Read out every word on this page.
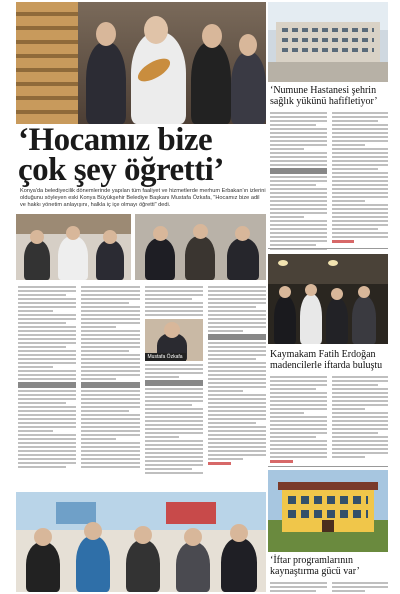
‘Hocamız bize
çok şey öğretti’
Konya'da belediyecilik dönemlerinde yapılan tüm faaliyet ve hizmetlerde merhum Erbakan'ın izlerini olduğunu söyleyen eski Konya Büyükşehir Belediye Başkanı Mustafa Özkafa, "Hocamız bize adil ve hakkı yönetim anlayışını, halkla iç içe olmayı öğretti" dedi.
Mustafa Özkafa
‘Numune Hastanesi şehrin
sağlık yükünü hafifletiyor’
Kaymakam Fatih Erdoğan
madencilerle iftarda buluştu
‘İftar programlarının
kaynaştırma gücü var’
